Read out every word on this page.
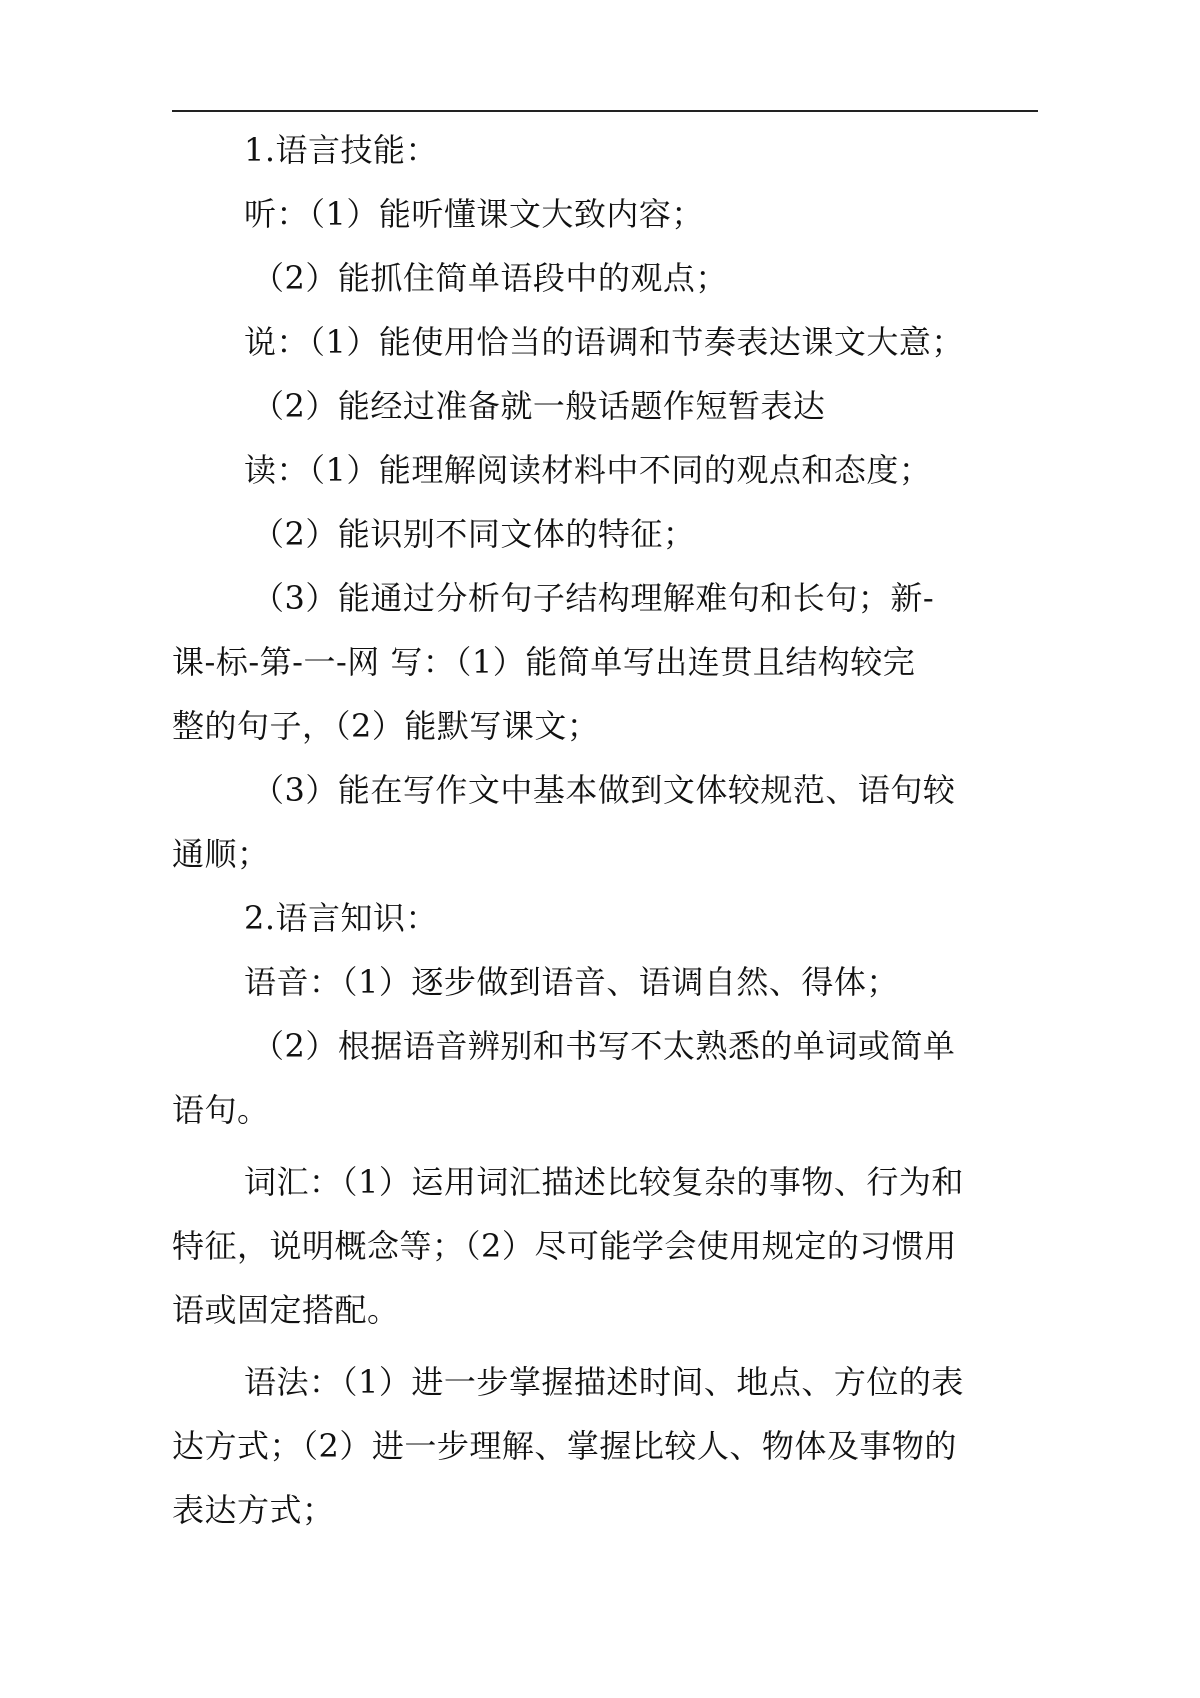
1.语言技能：
听：（1）能听懂课文大致内容；
（2）能抓住简单语段中的观点；
说：（1）能使用恰当的语调和节奏表达课文大意；
（2）能经过准备就一般话题作短暂表达
读：（1）能理解阅读材料中不同的观点和态度；
（2）能识别不同文体的特征；
（3）能通过分析句子结构理解难句和长句；新-
课-标-第-一-网 写：（1）能简单写出连贯且结构较完
整的句子，（2）能默写课文；
（3）能在写作文中基本做到文体较规范、语句较
通顺；
2.语言知识：
语音：（1）逐步做到语音、语调自然、得体；
（2）根据语音辨别和书写不太熟悉的单词或简单
语句。
词汇：（1）运用词汇描述比较复杂的事物、行为和
特征，说明概念等；（2）尽可能学会使用规定的习惯用
语或固定搭配。
语法：（1）进一步掌握描述时间、地点、方位的表
达方式；（2）进一步理解、掌握比较人、物体及事物的
表达方式；
